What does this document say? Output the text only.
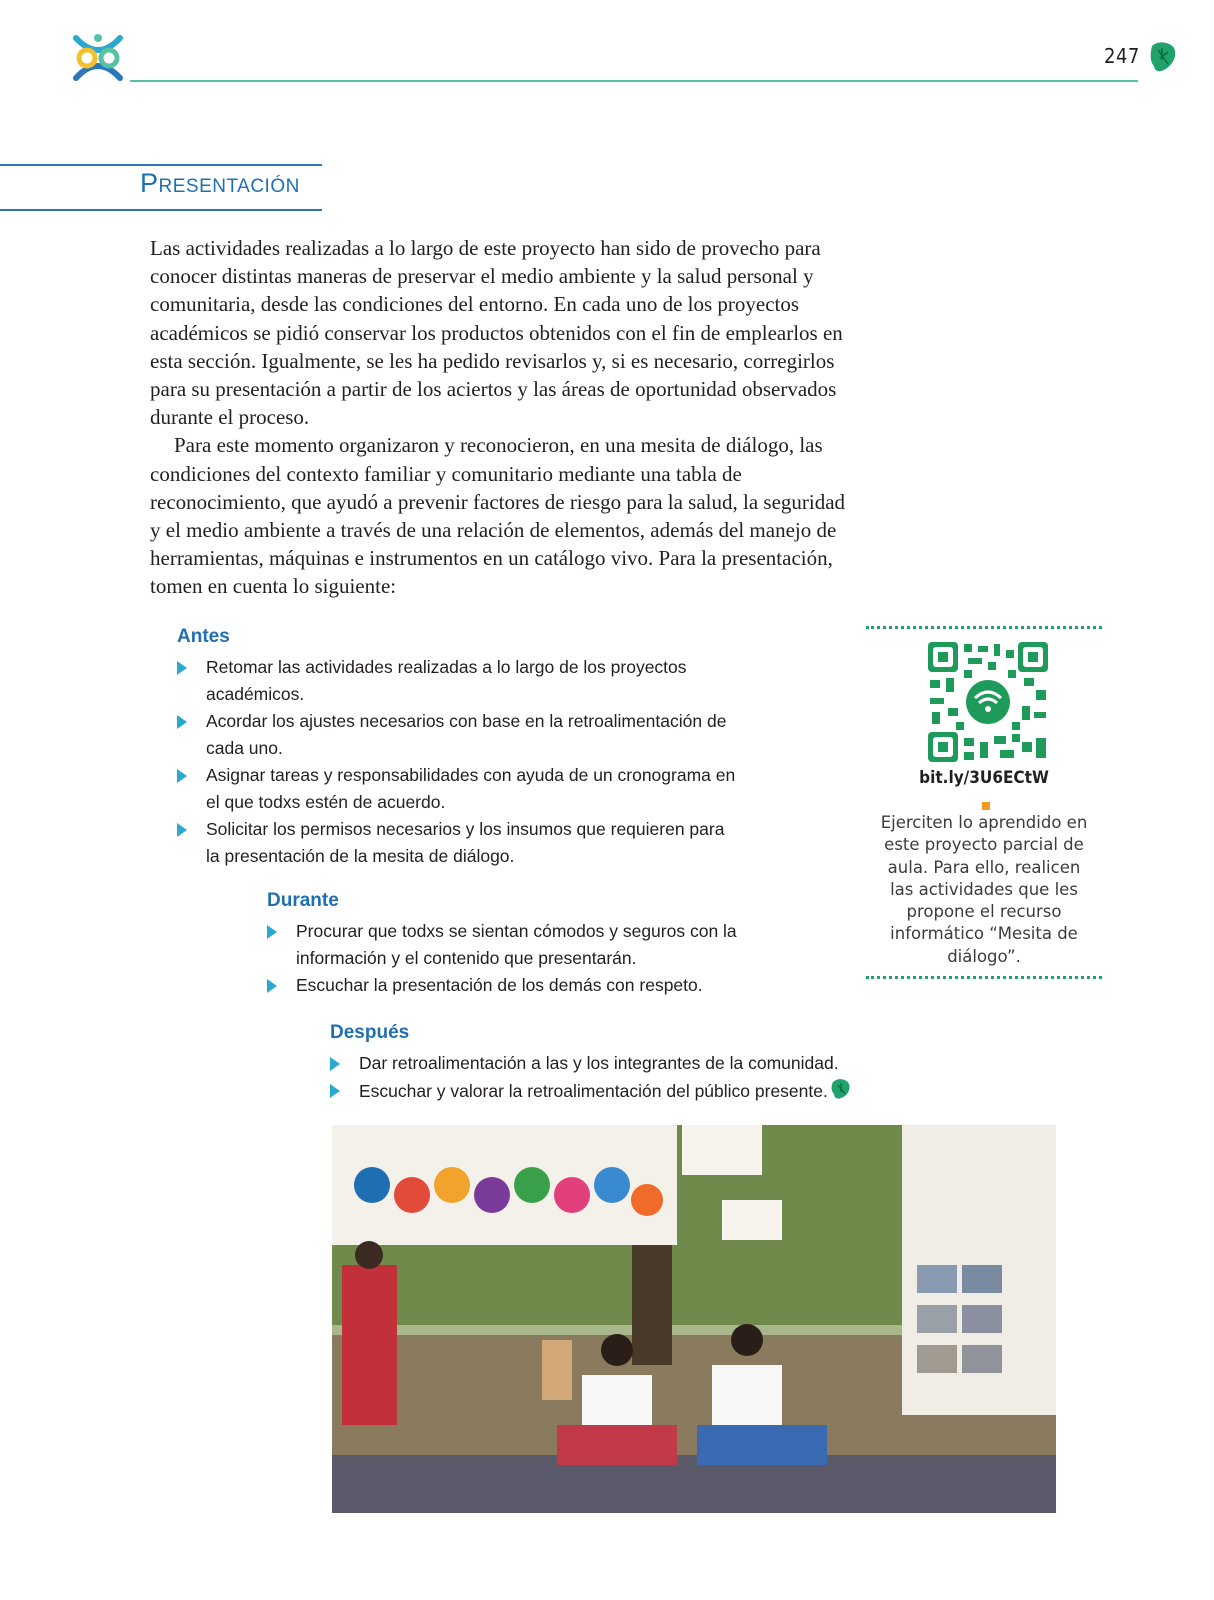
247
Presentación

Las actividades realizadas a lo largo de este proyecto han sido de provecho para conocer distintas maneras de preservar el medio ambiente y la salud personal y comunitaria, desde las condiciones del entorno. En cada uno de los proyectos académicos se pidió conservar los productos obtenidos con el fin de emplearlos en esta sección. Igualmente, se les ha pedido revisarlos y, si es necesario, corregirlos para su presentación a partir de los aciertos y las áreas de oportunidad observados durante el proceso.

Para este momento organizaron y reconocieron, en una mesita de diálogo, las condiciones del contexto familiar y comunitario mediante una tabla de reconocimiento, que ayudó a prevenir factores de riesgo para la salud, la seguridad y el medio ambiente a través de una relación de elementos, además del manejo de herramientas, máquinas e instrumentos en un catálogo vivo. Para la presentación, tomen en cuenta lo siguiente:

Antes
Retomar las actividades realizadas a lo largo de los proyectos académicos.
Acordar los ajustes necesarios con base en la retroalimentación de cada uno.
Asignar tareas y responsabilidades con ayuda de un cronograma en el que todxs estén de acuerdo.
Solicitar los permisos necesarios y los insumos que requieren para la presentación de la mesita de diálogo.
Durante
Procurar que todxs se sientan cómodos y seguros con la información y el contenido que presentarán.
Escuchar la presentación de los demás con respeto.
Después
Dar retroalimentación a las y los integrantes de la comunidad.
Escuchar y valorar la retroalimentación del público presente.
bit.ly/3U6ECtW
Ejerciten lo aprendido en este proyecto parcial de aula. Para ello, realicen las actividades que les propone el recurso informático “Mesita de diálogo”.
